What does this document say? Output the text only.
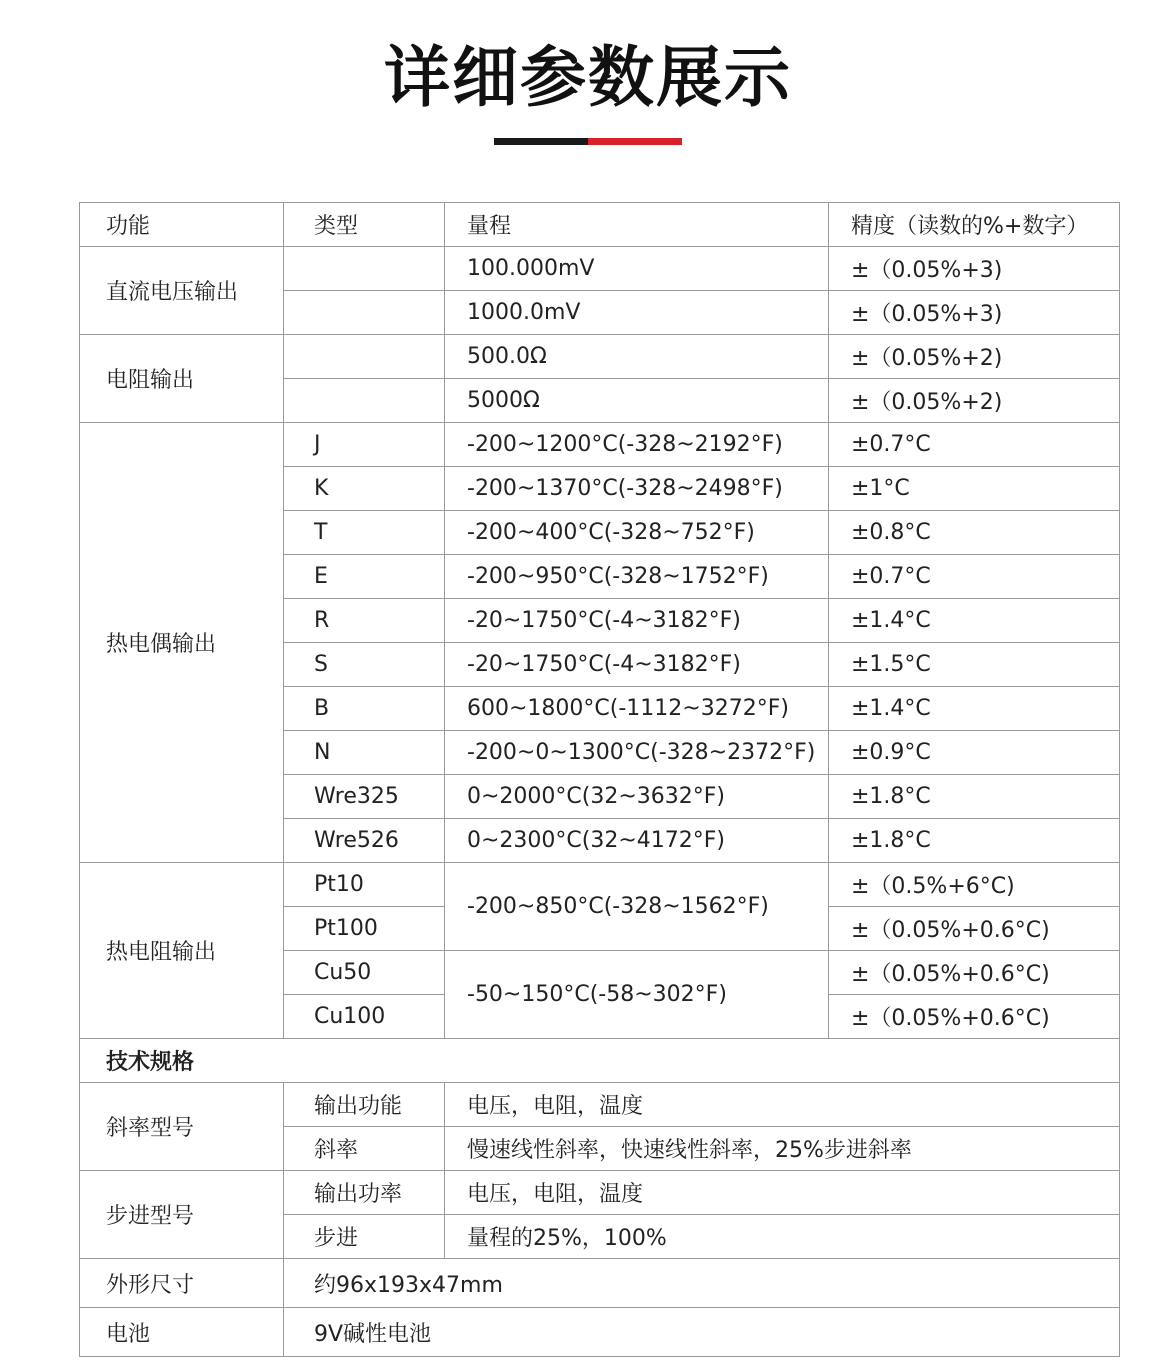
详细参数展示
功能	类型	量程	精度（读数的%+数字）
直流电压输出		100.000mV	±（0.05%+3)
		1000.0mV	±（0.05%+3)
电阻输出		500.0Ω	±（0.05%+2)
		5000Ω	±（0.05%+2)
热电偶输出	J	-200~1200°C(-328~2192°F)	±0.7°C
	K	-200~1370°C(-328~2498°F)	±1°C
	T	-200~400°C(-328~752°F)	±0.8°C
	E	-200~950°C(-328~1752°F)	±0.7°C
	R	-20~1750°C(-4~3182°F)	±1.4°C
	S	-20~1750°C(-4~3182°F)	±1.5°C
	B	600~1800°C(-1112~3272°F)	±1.4°C
	N	-200~0~1300°C(-328~2372°F)	±0.9°C
	Wre325	0~2000°C(32~3632°F)	±1.8°C
	Wre526	0~2300°C(32~4172°F)	±1.8°C
热电阻输出	Pt10	-200~850°C(-328~1562°F)	±（0.5%+6°C)
	Pt100		±（0.05%+0.6°C)
	Cu50	-50~150°C(-58~302°F)	±（0.05%+0.6°C)
	Cu100		±（0.05%+0.6°C)
技术规格			
斜率型号	输出功能	电压，电阻，温度	
	斜率	慢速线性斜率，快速线性斜率，25%步进斜率	
步进型号	输出功率	电压，电阻，温度	
	步进	量程的25%，100%	
外形尺寸	约96x193x47mm		
电池	9V碱性电池		
